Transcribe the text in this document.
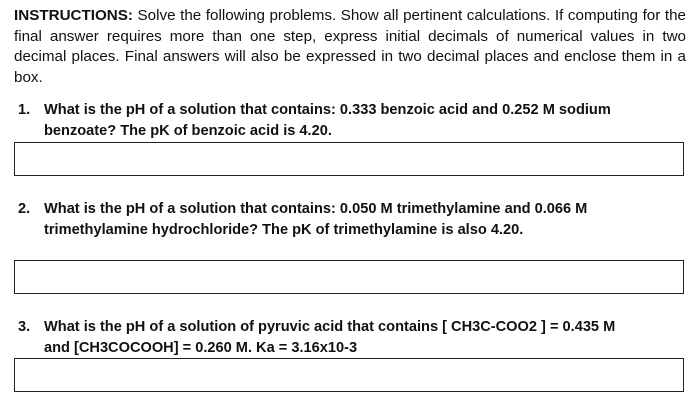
INSTRUCTIONS: Solve the following problems. Show all pertinent calculations. If computing for the final answer requires more than one step, express initial decimals of numerical values in two decimal places. Final answers will also be expressed in two decimal places and enclose them in a box.

1. What is the pH of a solution that contains: 0.333 benzoic acid and 0.252 M sodium benzoate? The pK of benzoic acid is 4.20.
2. What is the pH of a solution that contains: 0.050 M trimethylamine and 0.066 M trimethylamine hydrochloride? The pK of trimethylamine is also 4.20.
3. What is the pH of a solution of pyruvic acid that contains [ CH3C-COO2 ] = 0.435 M and [CH3COCOOH] = 0.260 M. Ka = 3.16x10-3
